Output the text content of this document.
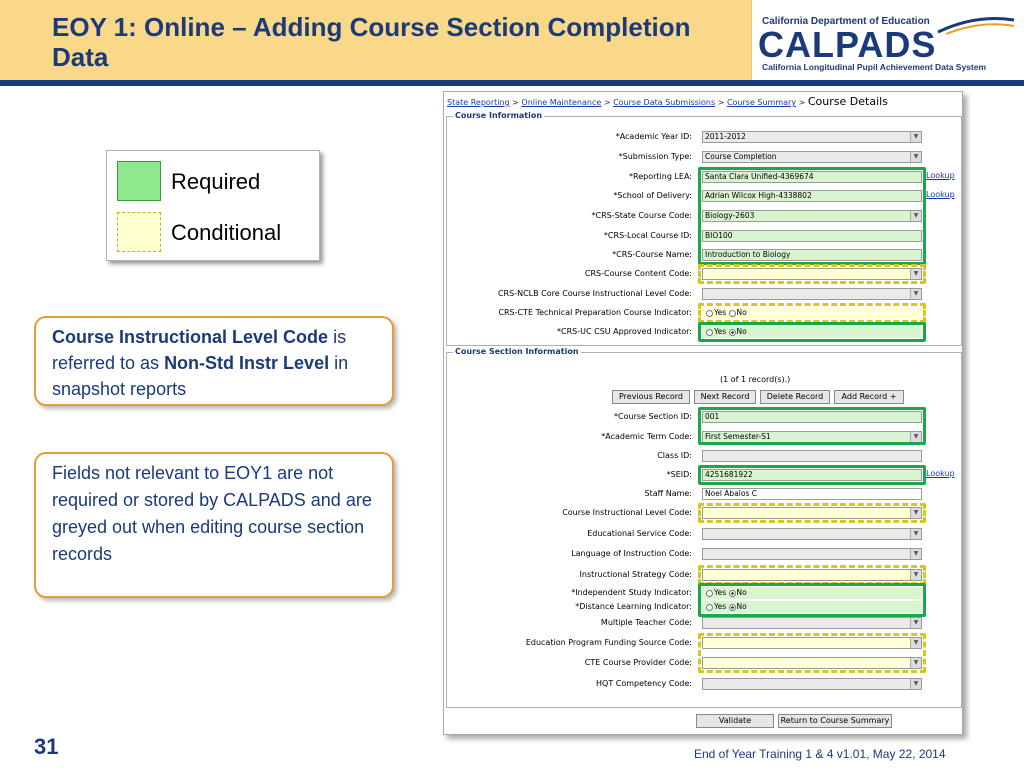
EOY 1: Online – Adding Course Section Completion Data
California Department of Education
CALPADS
California Longitudinal Pupil Achievement Data System
Required
Conditional
Course Instructional Level Code is referred to as Non-Std Instr Level in snapshot reports
Fields not relevant to EOY1 are not required or stored by CALPADS and are greyed out when editing course section records
State Reporting > Online Maintenance > Course Data Submissions > Course Summary > Course Details
Course Information
*Academic Year ID:	2011-2012	▼
*Submission Type:	Course Completion	▼
*Reporting LEA:	Santa Clara Unified-4369674	Lookup
*School of Delivery:	Adrian Wilcox High-4338802	Lookup
*CRS-State Course Code:	Biology-2603	▼
*CRS-Local Course ID:	BIO100
*CRS-Course Name:	Introduction to Biology
CRS-Course Content Code:	▼
CRS-NCLB Core Course Instructional Level Code:	▼
CRS-CTE Technical Preparation Course Indicator:	Yes No
*CRS-UC CSU Approved Indicator:	Yes No
Course Section Information
(1 of 1 record(s).)
Previous Record	Next Record	Delete Record	Add Record +
*Course Section ID:	001
*Academic Term Code:	First Semester-S1	▼
Class ID:
*SEID:	4251681922	Lookup
Staff Name:	Noel Abalos C
Course Instructional Level Code:	▼
Educational Service Code:	▼
Language of Instruction Code:	▼
Instructional Strategy Code:	▼
*Independent Study Indicator:	Yes No
*Distance Learning Indicator:	Yes No
Multiple Teacher Code:	▼
Education Program Funding Source Code:	▼
CTE Course Provider Code:	▼
HQT Competency Code:	▼
Validate	Return to Course Summary
31	End of Year Training 1 & 4 v1.01, May 22, 2014
